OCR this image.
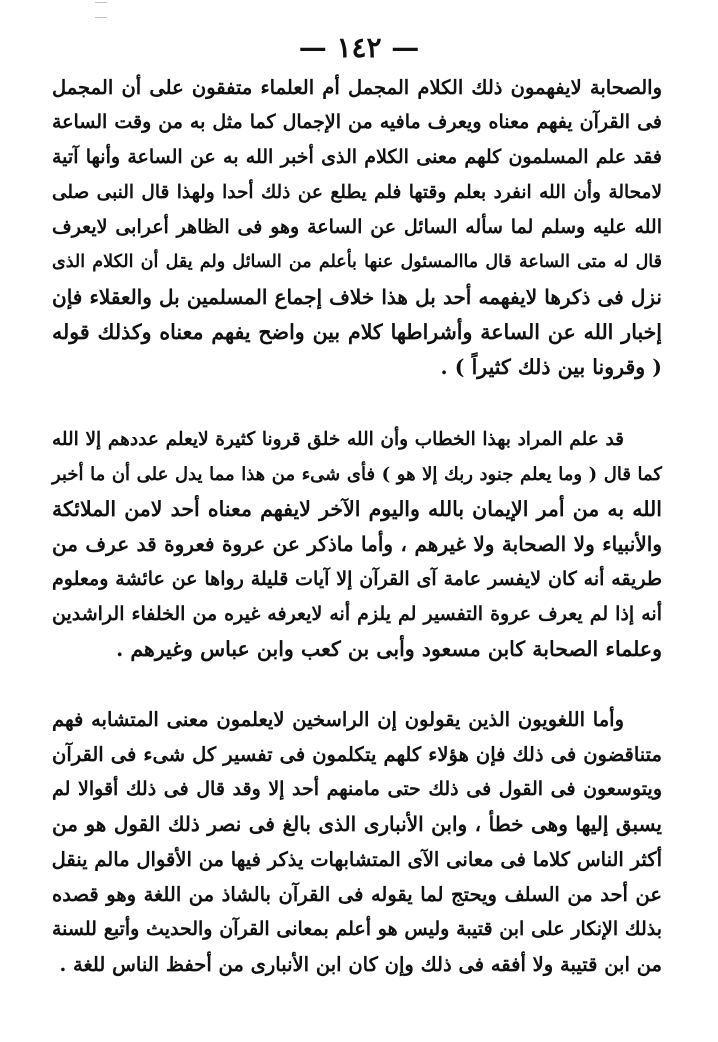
— ١٤٢ —
والصحابة لايفهمون ذلك الكلام المجمل أم العلماء متفقون على أن المجمل
فى القرآن يفهم معناه ويعرف مافيه من الإجمال كما مثل به من وقت الساعة
فقد علم المسلمون كلهم معنى الكلام الذى أخبر الله به عن الساعة وأنها آتية
لامحالة وأن الله انفرد بعلم وقتها فلم يطلع عن ذلك أحدا ولهذا قال النبى صلى
الله عليه وسلم لما سأله السائل عن الساعة وهو فى الظاهر أعرابى لايعرف
قال له متى الساعة قال ماالمسئول عنها بأعلم من السائل ولم يقل أن الكلام الذى
نزل فى ذكرها لايفهمه أحد بل هذا خلاف إجماع المسلمين بل والعقلاء فإن
إخبار الله عن الساعة وأشراطها كلام بين واضح يفهم معناه وكذلك قوله
( وقرونا بين ذلك كثيراً ) .
قد علم المراد بهذا الخطاب وأن الله خلق قرونا كثيرة لايعلم عددهم إلا الله
كما قال ( وما يعلم جنود ربك إلا هو ) فأى شىء من هذا مما يدل على أن ما أخبر
الله به من أمر الإيمان بالله واليوم الآخر لايفهم معناه أحد لامن الملائكة
والأنبياء ولا الصحابة ولا غيرهم ، وأما ماذكر عن عروة فعروة قد عرف من
طريقه أنه كان لايفسر عامة آى القرآن إلا آيات قليلة رواها عن عائشة ومعلوم
أنه إذا لم يعرف عروة التفسير لم يلزم أنه لايعرفه غيره من الخلفاء الراشدين
وعلماء الصحابة كابن مسعود وأبى بن كعب وابن عباس وغيرهم .
وأما اللغويون الذين يقولون إن الراسخين لايعلمون معنى المتشابه فهم
متناقضون فى ذلك فإن هؤلاء كلهم يتكلمون فى تفسير كل شىء فى القرآن
ويتوسعون فى القول فى ذلك حتى مامنهم أحد إلا وقد قال فى ذلك أقوالا لم
يسبق إليها وهى خطأ ، وابن الأنبارى الذى بالغ فى نصر ذلك القول هو من
أكثر الناس كلاما فى معانى الآى المتشابهات يذكر فيها من الأقوال مالم ينقل
عن أحد من السلف ويحتج لما يقوله فى القرآن بالشاذ من اللغة وهو قصده
بذلك الإنكار على ابن قتيبة وليس هو أعلم بمعانى القرآن والحديث وأتبع للسنة
من ابن قتيبة ولا أفقه فى ذلك وإن كان ابن الأنبارى من أحفظ الناس للغة .
